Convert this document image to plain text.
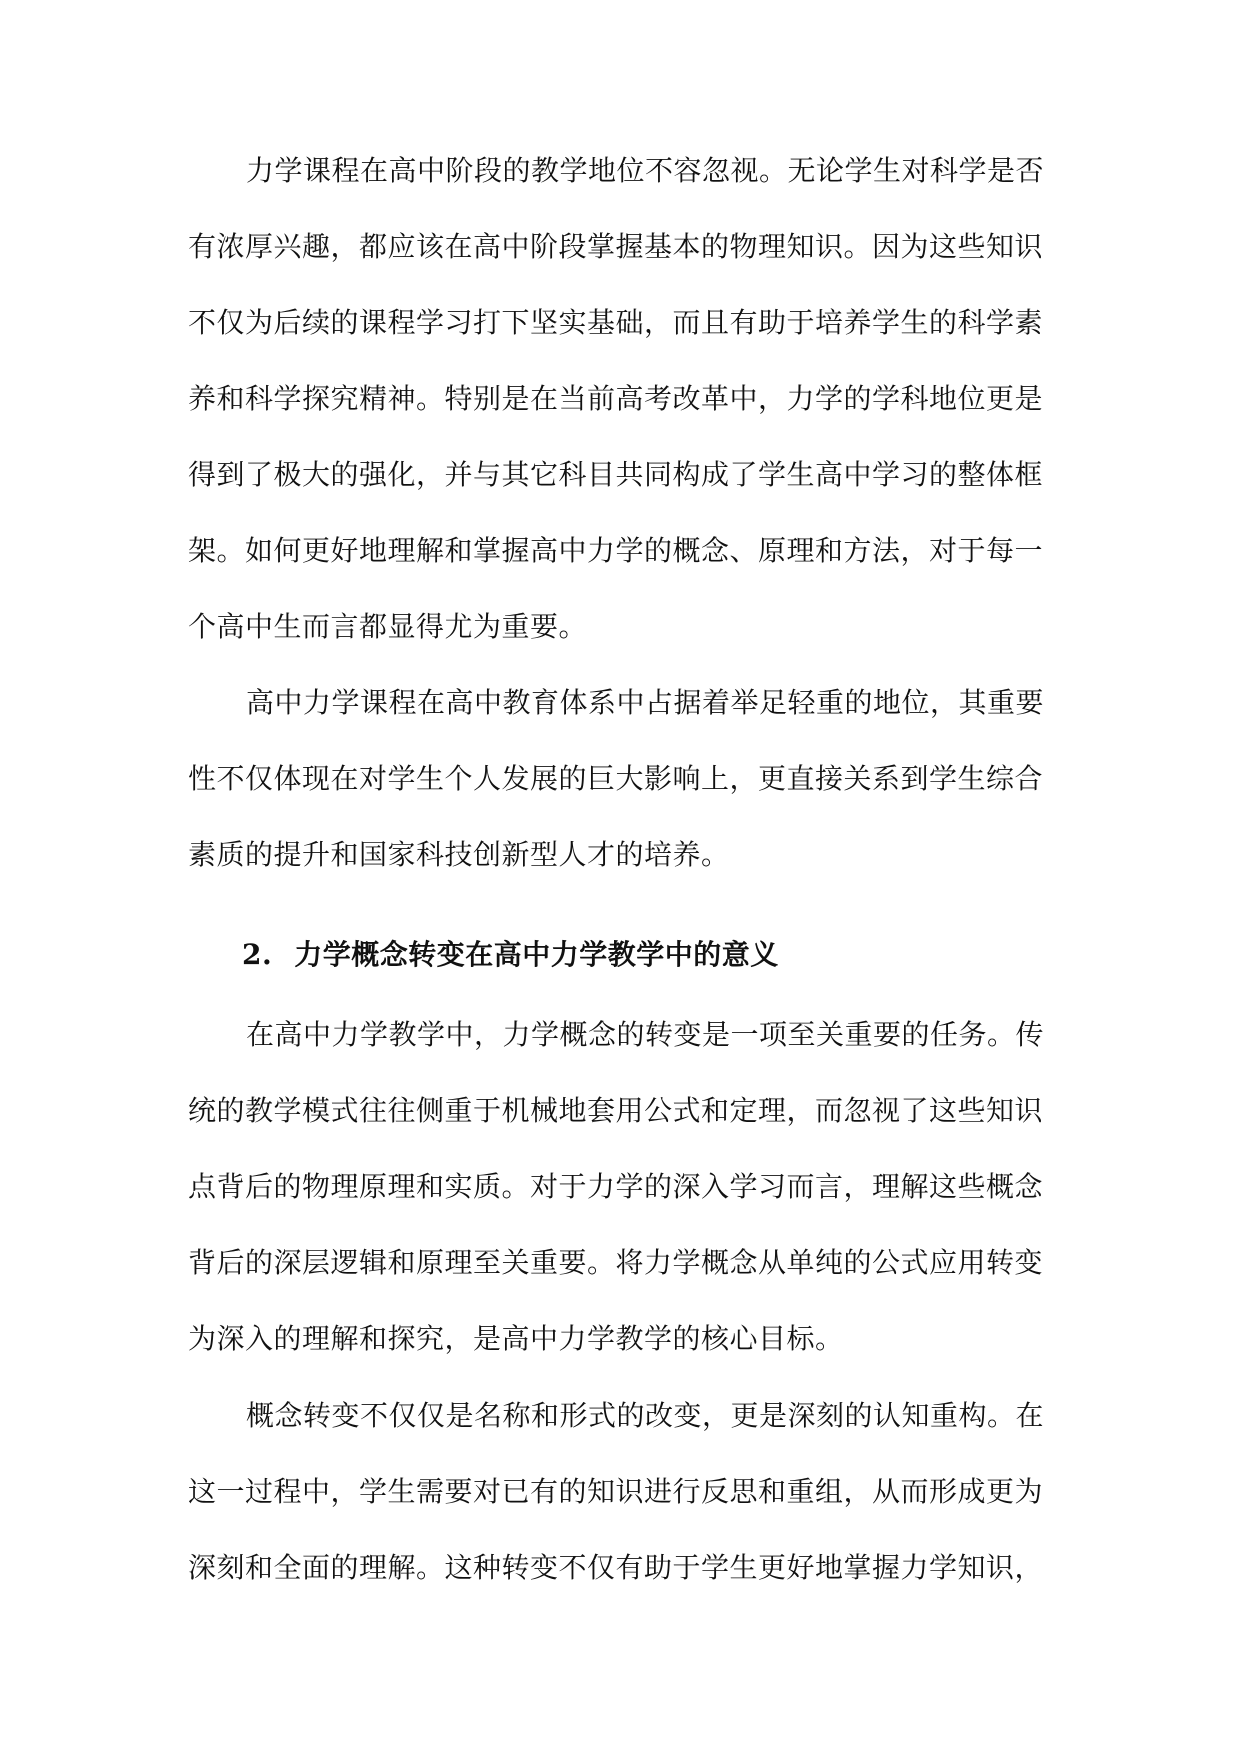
力学课程在高中阶段的教学地位不容忽视。无论学生对科学是否
有浓厚兴趣，都应该在高中阶段掌握基本的物理知识。因为这些知识
不仅为后续的课程学习打下坚实基础，而且有助于培养学生的科学素
养和科学探究精神。特别是在当前高考改革中，力学的学科地位更是
得到了极大的强化，并与其它科目共同构成了学生高中学习的整体框
架。如何更好地理解和掌握高中力学的概念、原理和方法，对于每一
个高中生而言都显得尤为重要。
高中力学课程在高中教育体系中占据着举足轻重的地位，其重要
性不仅体现在对学生个人发展的巨大影响上，更直接关系到学生综合
素质的提升和国家科技创新型人才的培养。
2. 力学概念转变在高中力学教学中的意义
在高中力学教学中，力学概念的转变是一项至关重要的任务。传
统的教学模式往往侧重于机械地套用公式和定理，而忽视了这些知识
点背后的物理原理和实质。对于力学的深入学习而言，理解这些概念
背后的深层逻辑和原理至关重要。将力学概念从单纯的公式应用转变
为深入的理解和探究，是高中力学教学的核心目标。
概念转变不仅仅是名称和形式的改变，更是深刻的认知重构。在
这一过程中，学生需要对已有的知识进行反思和重组，从而形成更为
深刻和全面的理解。这种转变不仅有助于学生更好地掌握力学知识，
